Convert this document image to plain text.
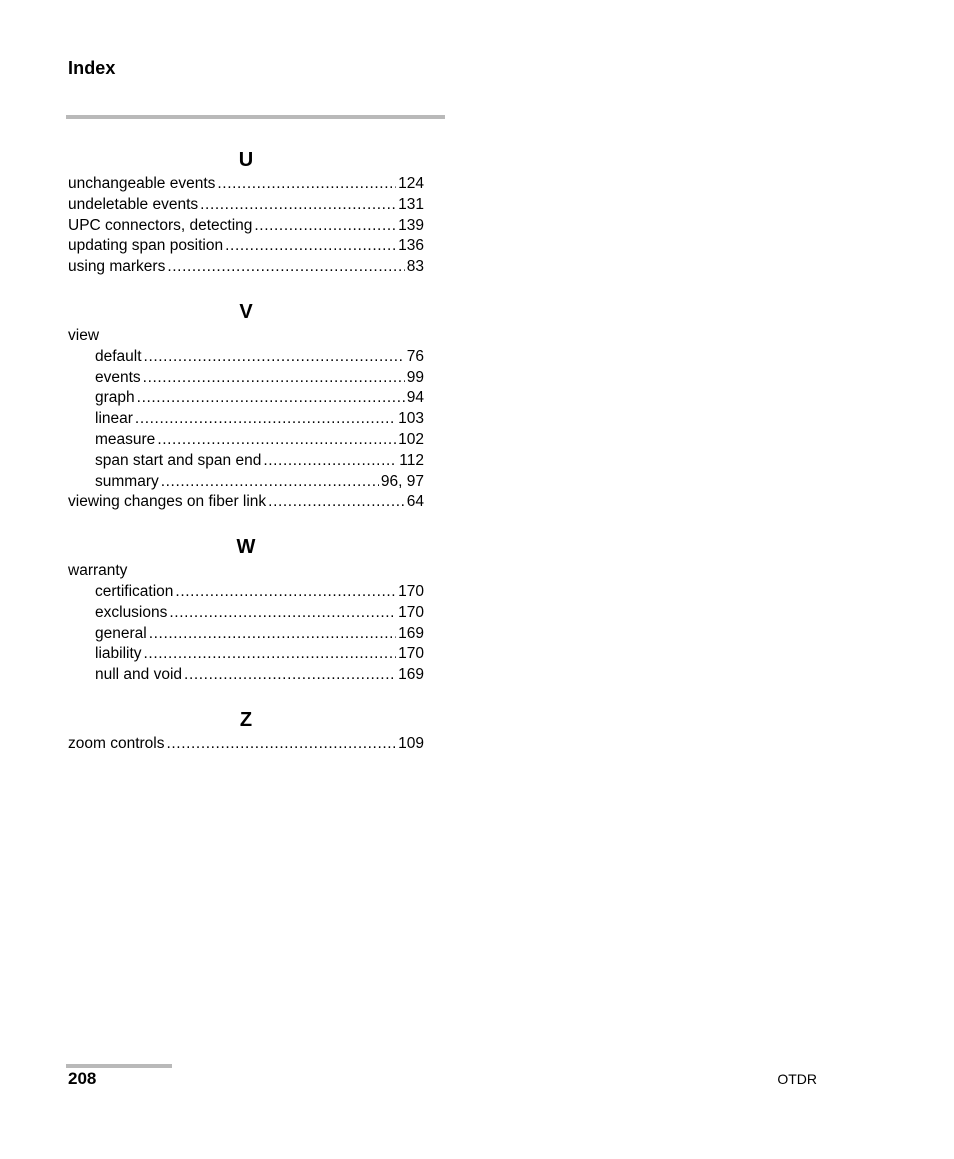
Index
U
unchangeable events .....	124
undeletable events .....	131
UPC connectors, detecting .....	139
updating span position .....	136
using markers .....	83
V
view
default .....	76
events .....	99
graph .....	94
linear .....	103
measure .....	102
span start and span end .....	112
summary .....	96, 97
viewing changes on fiber link .....	64
W
warranty
certification .....	170
exclusions .....	170
general .....	169
liability .....	170
null and void .....	169
Z
zoom controls .....	109
208	OTDR
